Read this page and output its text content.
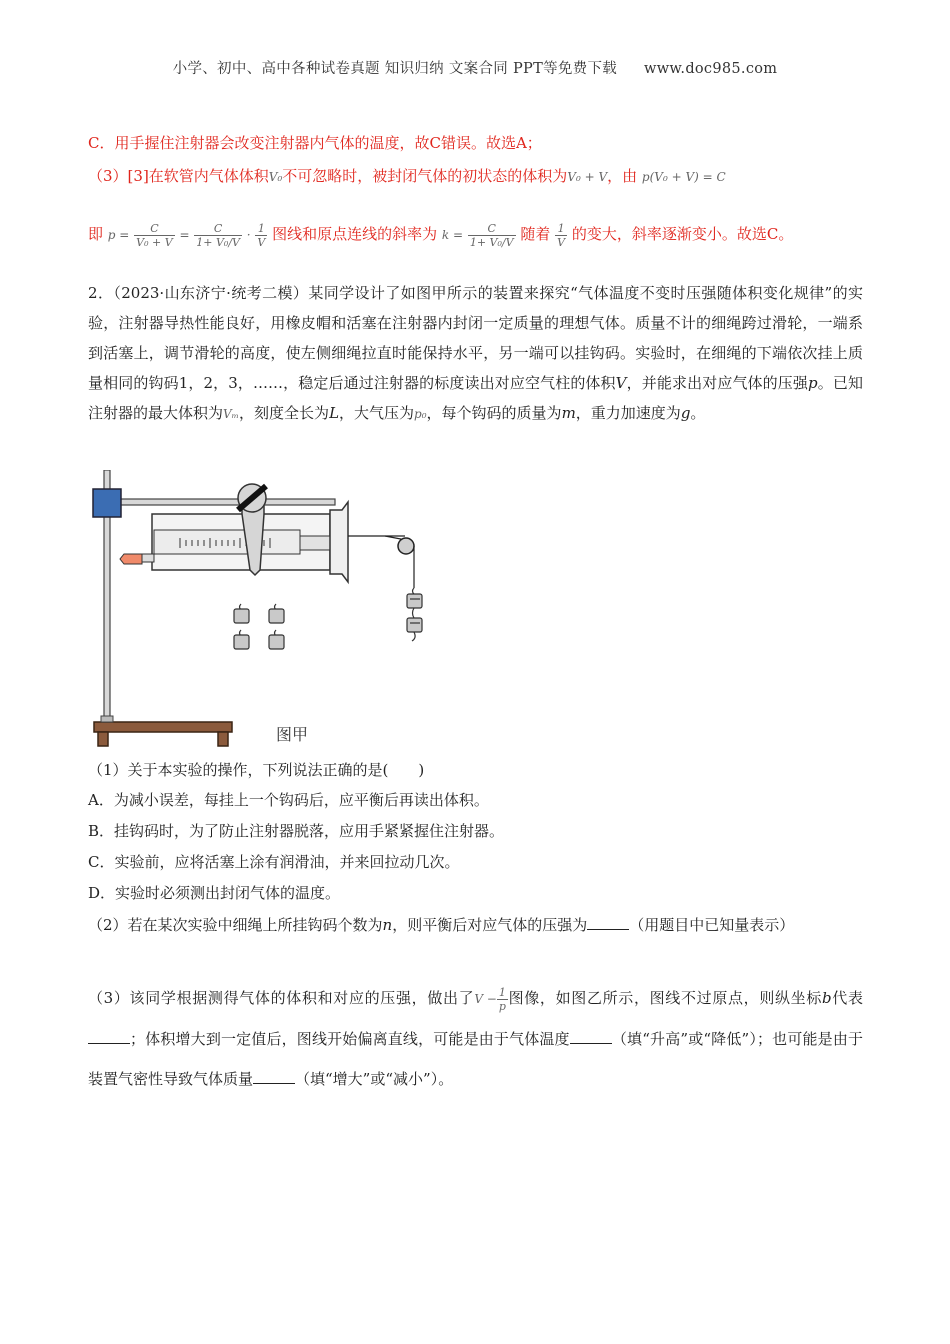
小学、初中、高中各种试卷真题 知识归纳 文案合同 PPT等免费下载 www.doc985.com
C．用手握住注射器会改变注射器内气体的温度，故C错误。故选A；
（3）[3]在软管内气体体积V₀不可忽略时，被封闭气体的初状态的体积为V₀ + V，由 p(V₀ + V) = C
即 $p = \frac{C}{\text{V₀ + V}} = \frac{C}{\text{1+ V₀/V}} \cdot \frac{1}{V}$ 图线和原点连线的斜率为 $k = \frac{C}{\text{1+ V₀/V}}$ 随着 $\frac{1}{V}$ 的变大，斜率逐渐变小。故选C。
2．（2023·山东济宁·统考二模）某同学设计了如图甲所示的装置来探究“气体温度不变时压强随体积变化规律”的实验，注射器导热性能良好，用橡皮帽和活塞在注射器内封闭一定质量的理想气体。质量不计的细绳跨过滑轮，一端系到活塞上，调节滑轮的高度，使左侧细绳拉直时能保持水平，另一端可以挂钩码。实验时，在细绳的下端依次挂上质量相同的钩码1，2，3，……，稳定后通过注射器的标度读出对应空气柱的体积V，并能求出对应气体的压强p。已知注射器的最大体积为Vₘ，刻度全长为L，大气压为p₀，每个钩码的质量为m，重力加速度为g。
图甲
（1）关于本实验的操作，下列说法正确的是(　　)
A．为减小误差，每挂上一个钩码后，应平衡后再读出体积。
B．挂钩码时，为了防止注射器脱落，应用手紧紧握住注射器。
C．实验前，应将活塞上涂有润滑油，并来回拉动几次。
D．实验时必须测出封闭气体的温度。
（2）若在某次实验中细绳上所挂钩码个数为n，则平衡后对应气体的压强为	（用题目中已知量表示）
（3）该同学根据测得气体的体积和对应的压强，做出了$V - \frac{1}{p}$ 图像，如图乙所示，图线不过原点，则纵坐标b代表；体积增大到一定值后，图线开始偏离直线，可能是由于气体温度	（填“升高”或“降低”）；也可能是由于装置气密性导致气体质量	（填“增大”或“减小”）。
